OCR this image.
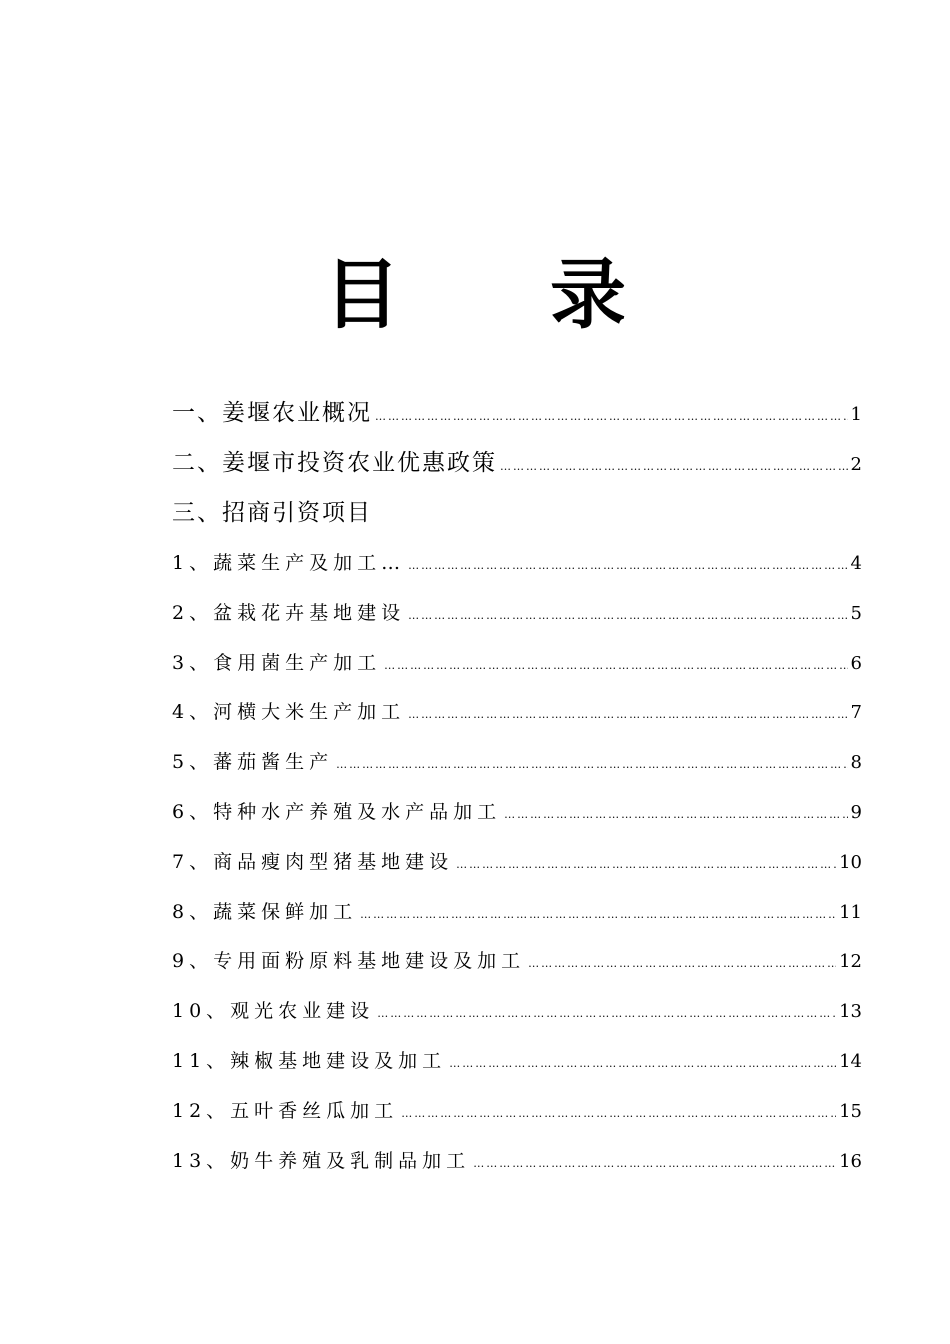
目 录
一、姜堰农业概况 …………………………………………………………………………………………………………………………………………………………	1
二、姜堰市投资农业优惠政策 …………………………………………………………………………………………………………………………………………………………	2
三、招商引资项目
1、蔬菜生产及加工… …………………………………………………………………………………………………………………………………………………………	4
2、盆栽花卉基地建设 …………………………………………………………………………………………………………………………………………………………	5
3、食用菌生产加工 …………………………………………………………………………………………………………………………………………………………	6
4、河横大米生产加工 …………………………………………………………………………………………………………………………………………………………	7
5、蕃茄酱生产 …………………………………………………………………………………………………………………………………………………………	8
6、特种水产养殖及水产品加工 …………………………………………………………………………………………………………………………………………………………	9
7、商品瘦肉型猪基地建设 …………………………………………………………………………………………………………………………………………………………	10
8、蔬菜保鲜加工 …………………………………………………………………………………………………………………………………………………………	11
9、专用面粉原料基地建设及加工 …………………………………………………………………………………………………………………………………………………………	12
10、观光农业建设 …………………………………………………………………………………………………………………………………………………………	13
11、辣椒基地建设及加工 …………………………………………………………………………………………………………………………………………………………	14
12、五叶香丝瓜加工 …………………………………………………………………………………………………………………………………………………………	15
13、奶牛养殖及乳制品加工 …………………………………………………………………………………………………………………………………………………………	16
